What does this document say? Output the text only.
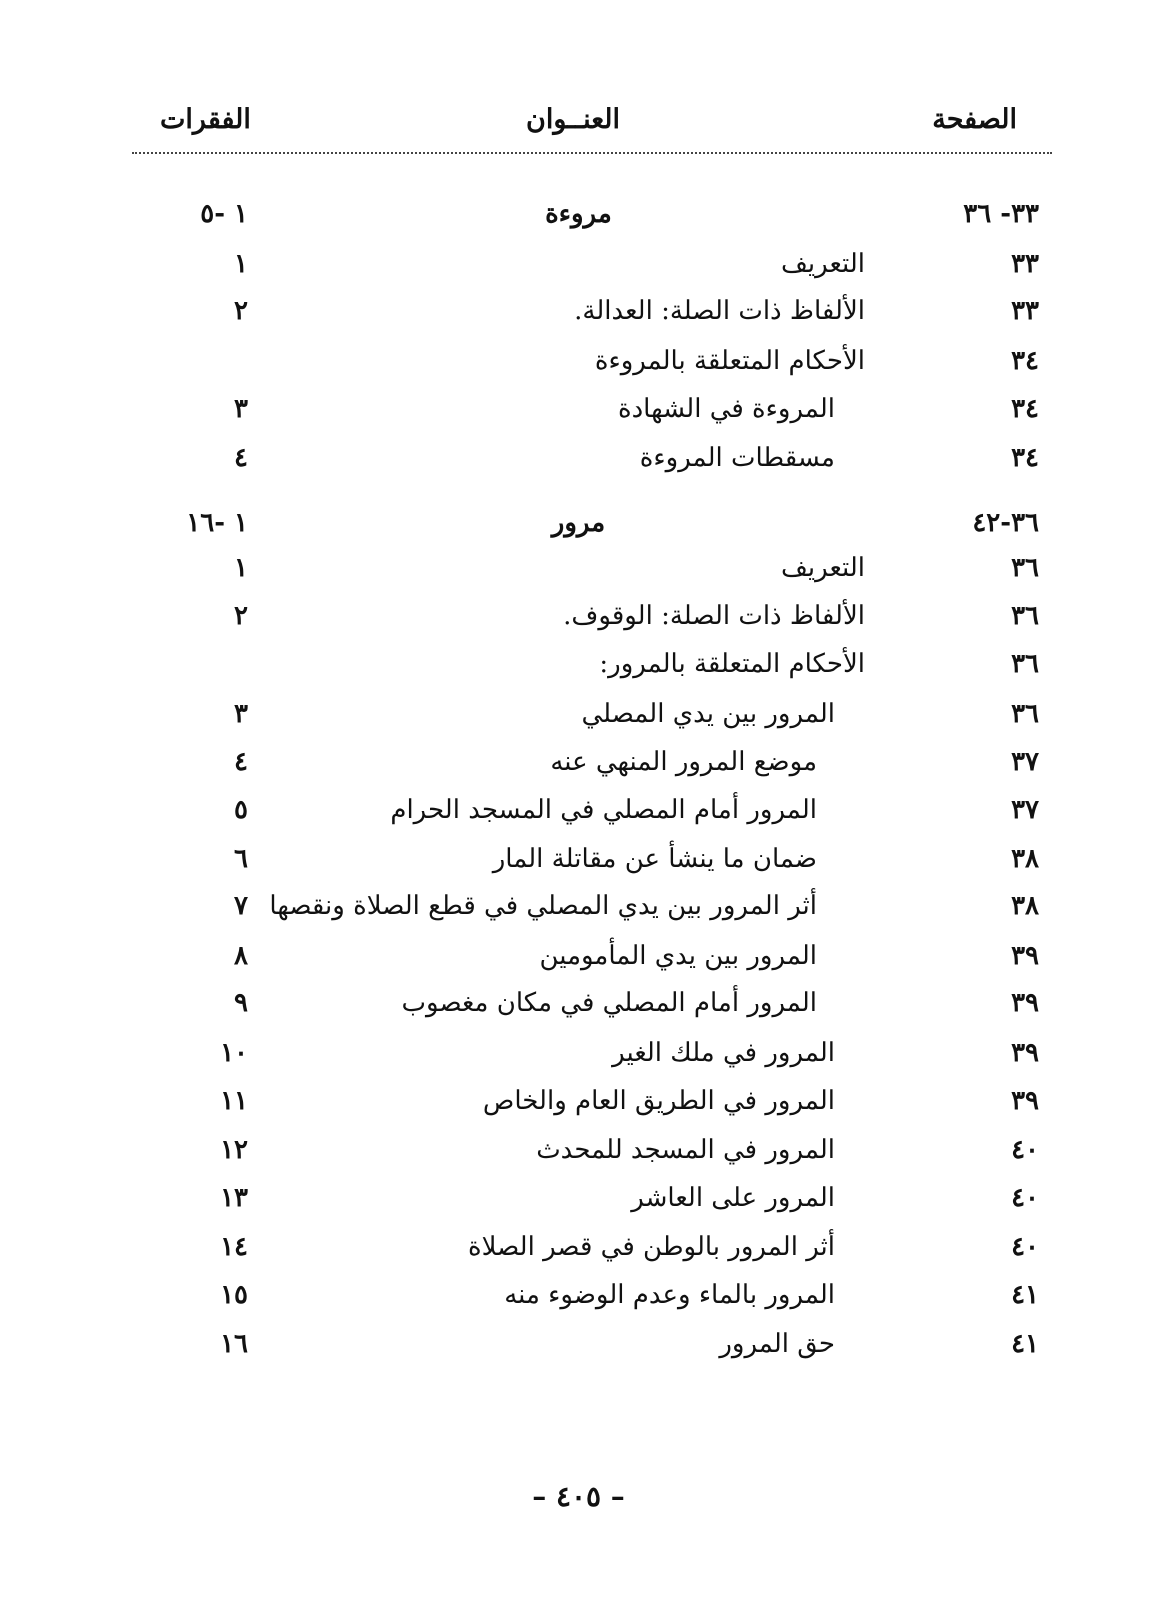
الصفحة
العنــوان
الفقرات
٣٣- ٣٦
مروءة
١ -٥
٣٣
التعريف
١
٣٣
الألفاظ ذات الصلة: العدالة.
٢
٣٤
الأحكام المتعلقة بالمروءة
٣٤
المروءة في الشهادة
٣
٣٤
مسقطات المروءة
٤
٣٦-٤٢
مرور
١ -١٦
٣٦
التعريف
١
٣٦
الألفاظ ذات الصلة: الوقوف.
٢
٣٦
الأحكام المتعلقة بالمرور:
٣٦
المرور بين يدي المصلي
٣
٣٧
موضع المرور المنهي عنه
٤
٣٧
المرور أمام المصلي في المسجد الحرام
٥
٣٨
ضمان ما ينشأ عن مقاتلة المار
٦
٣٨
أثر المرور بين يدي المصلي في قطع الصلاة ونقصها
٧
٣٩
المرور بين يدي المأمومين
٨
٣٩
المرور أمام المصلي في مكان مغصوب
٩
٣٩
المرور في ملك الغير
١٠
٣٩
المرور في الطريق العام والخاص
١١
٤٠
المرور في المسجد للمحدث
١٢
٤٠
المرور على العاشر
١٣
٤٠
أثر المرور بالوطن في قصر الصلاة
١٤
٤١
المرور بالماء وعدم الوضوء منه
١٥
٤١
حق المرور
١٦
– ٤٠٥ –
